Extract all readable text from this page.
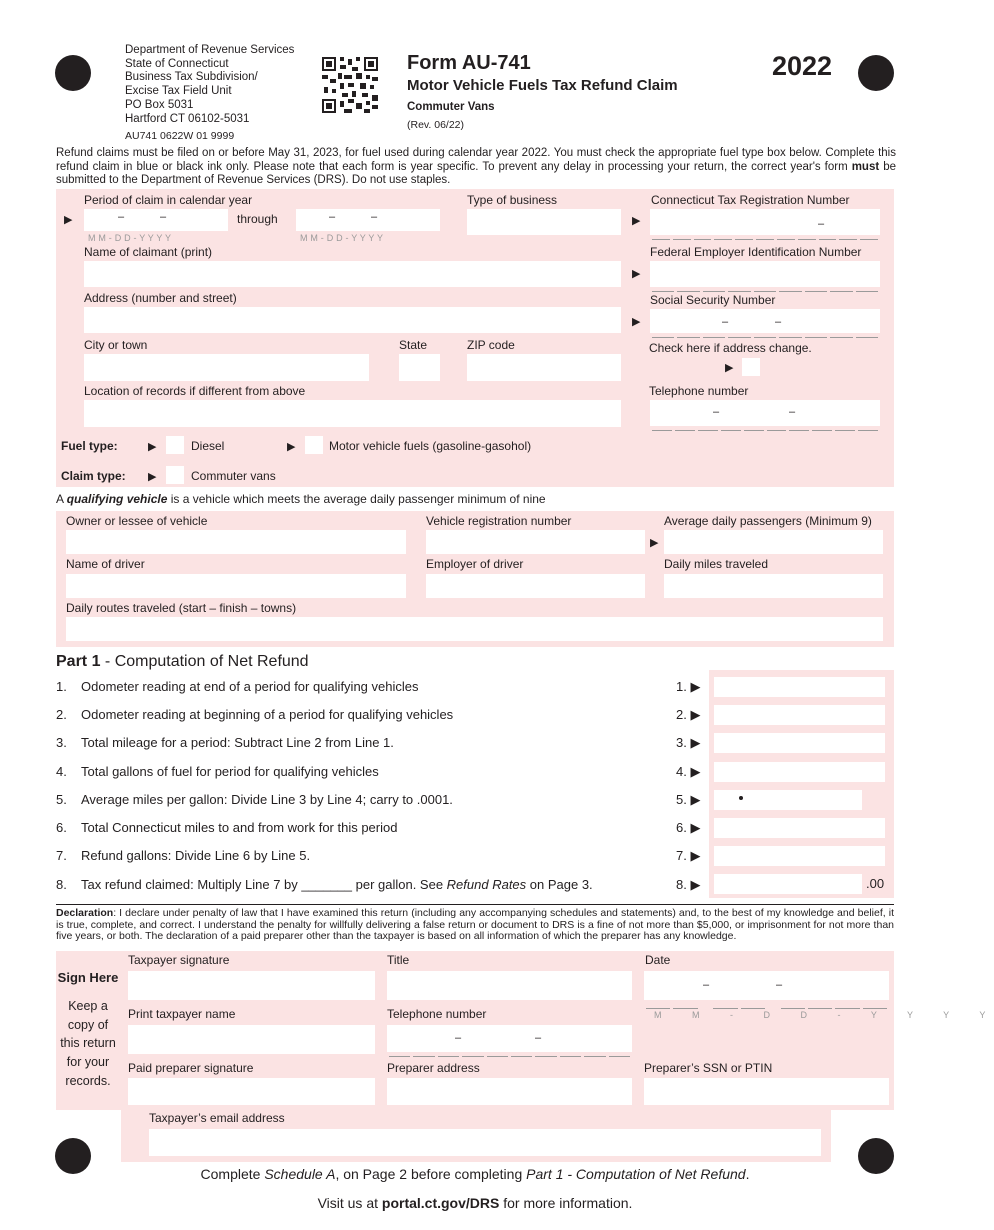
Department of Revenue Services
State of Connecticut
Business Tax Subdivision/
Excise Tax Field Unit
PO Box 5031
Hartford CT 06102-5031
AU741 0622W 01 9999
Form AU-741
Motor Vehicle Fuels Tax Refund Claim
Commuter Vans
(Rev. 06/22)
2022
Refund claims must be filed on or before May 31, 2023, for fuel used during calendar year 2022. You must check the appropriate fuel type box below. Complete this refund claim in blue or black ink only. Please note that each form is year specific. To prevent any delay in processing your return, the correct year's form must be submitted to the Department of Revenue Services (DRS). Do not use staples.
▶
Period of claim in calendar year
–	–
M M - D D - Y Y Y Y
through	–	–
M M - D D - Y Y Y Y
Type of business
▶
Connecticut Tax Registration Number
–
Name of claimant (print)
▶
Federal Employer Identification Number
Address (number and street)
▶
Social Security Number
–	–
City or town	State	ZIP code	Check here if address change.
▶
Location of records if different from above	Telephone number
–	–
Fuel type:	▶	Diesel	▶	Motor vehicle fuels (gasoline-gasohol)
Claim type: ▶	Commuter vans
A qualifying vehicle is a vehicle which meets the average daily passenger minimum of nine
Owner or lessee of vehicle	Vehicle registration number
▶
Average daily passengers (Minimum 9)
Name of driver	Employer of driver	Daily miles traveled
Daily routes traveled (start – finish – towns)
Part 1 - Computation of Net Refund
1. Odometer reading at end of a period for qualifying vehicles	1. ▶
2. Odometer reading at beginning of a period for qualifying vehicles	2. ▶
3. Total mileage for a period: Subtract Line 2 from Line 1.	3. ▶
4. Total gallons of fuel for period for qualifying vehicles	4. ▶
5. Average miles per gallon: Divide Line 3 by Line 4; carry to .0001.	5. ▶
6. Total Connecticut miles to and from work for this period	6. ▶
7. Refund gallons: Divide Line 6 by Line 5.	7. ▶
8. Tax refund claimed: Multiply Line 7 by _______ per gallon. See Refund Rates on Page 3.	8. ▶	.00
Declaration: I declare under penalty of law that I have examined this return (including any accompanying schedules and statements) and, to the best of my knowledge and belief, it is true, complete, and correct. I understand the penalty for willfully delivering a false return or document to DRS is a fine of not more than $5,000, or imprisonment for not more than five years, or both. The declaration of a paid preparer other than the taxpayer is based on all information of which the preparer has any knowledge.
Sign Here
Keep a
copy of
this return
for your
records.
Taxpayer signature	Title	Date
–	–
M M - D D - Y Y Y Y
Print taxpayer name	Telephone number
–	–
Paid preparer signature	Preparer address	Preparer’s SSN or PTIN
Taxpayer’s email address
Complete Schedule A, on Page 2 before completing Part 1 - Computation of Net Refund.
Visit us at portal.ct.gov/DRS for more information.
